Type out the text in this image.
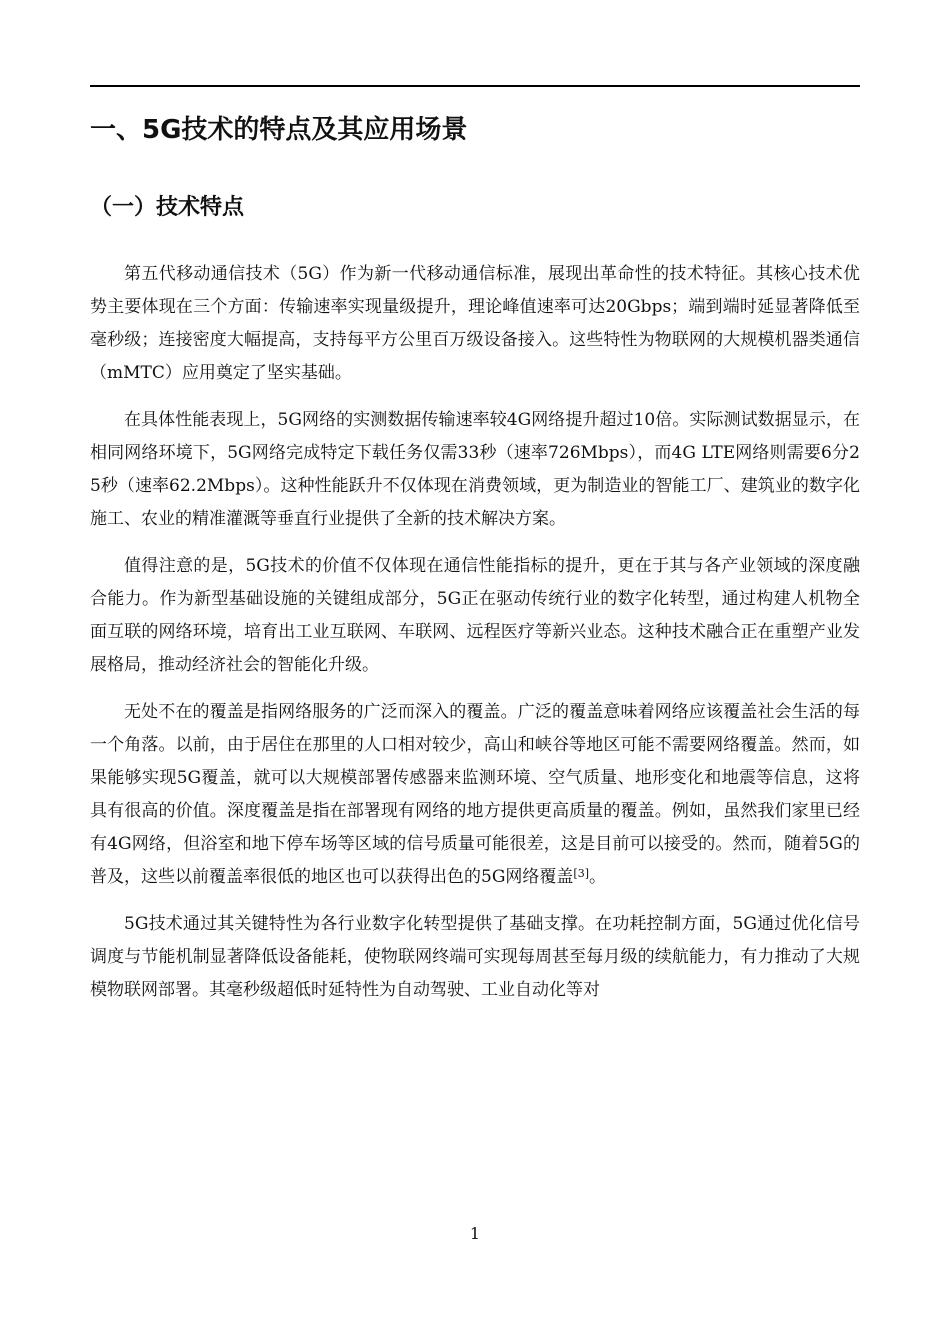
一、5G技术的特点及其应用场景
（一）技术特点

第五代移动通信技术（5G）作为新一代移动通信标准，展现出革命性的技术特征。其核心技术优势主要体现在三个方面：传输速率实现量级提升，理论峰值速率可达20Gbps；端到端时延显著降低至毫秒级；连接密度大幅提高，支持每平方公里百万级设备接入。这些特性为物联网的大规模机器类通信（mMTC）应用奠定了坚实基础。

在具体性能表现上，5G网络的实测数据传输速率较4G网络提升超过10倍。实际测试数据显示，在相同网络环境下，5G网络完成特定下载任务仅需33秒（速率726Mbps），而4G LTE网络则需要6分25秒（速率62.2Mbps）。这种性能跃升不仅体现在消费领域，更为制造业的智能工厂、建筑业的数字化施工、农业的精准灌溉等垂直行业提供了全新的技术解决方案。

值得注意的是，5G技术的价值不仅体现在通信性能指标的提升，更在于其与各产业领域的深度融合能力。作为新型基础设施的关键组成部分，5G正在驱动传统行业的数字化转型，通过构建人机物全面互联的网络环境，培育出工业互联网、车联网、远程医疗等新兴业态。这种技术融合正在重塑产业发展格局，推动经济社会的智能化升级。

无处不在的覆盖是指网络服务的广泛而深入的覆盖。广泛的覆盖意味着网络应该覆盖社会生活的每一个角落。以前，由于居住在那里的人口相对较少，高山和峡谷等地区可能不需要网络覆盖。然而，如果能够实现5G覆盖，就可以大规模部署传感器来监测环境、空气质量、地形变化和地震等信息，这将具有很高的价值。深度覆盖是指在部署现有网络的地方提供更高质量的覆盖。例如，虽然我们家里已经有4G网络，但浴室和地下停车场等区域的信号质量可能很差，这是目前可以接受的。然而，随着5G的普及，这些以前覆盖率很低的地区也可以获得出色的5G网络覆盖[3]。

5G技术通过其关键特性为各行业数字化转型提供了基础支撑。在功耗控制方面，5G通过优化信号调度与节能机制显著降低设备能耗，使物联网终端可实现每周甚至每月级的续航能力，有力推动了大规模物联网部署。其毫秒级超低时延特性为自动驾驶、工业自动化等对

1
